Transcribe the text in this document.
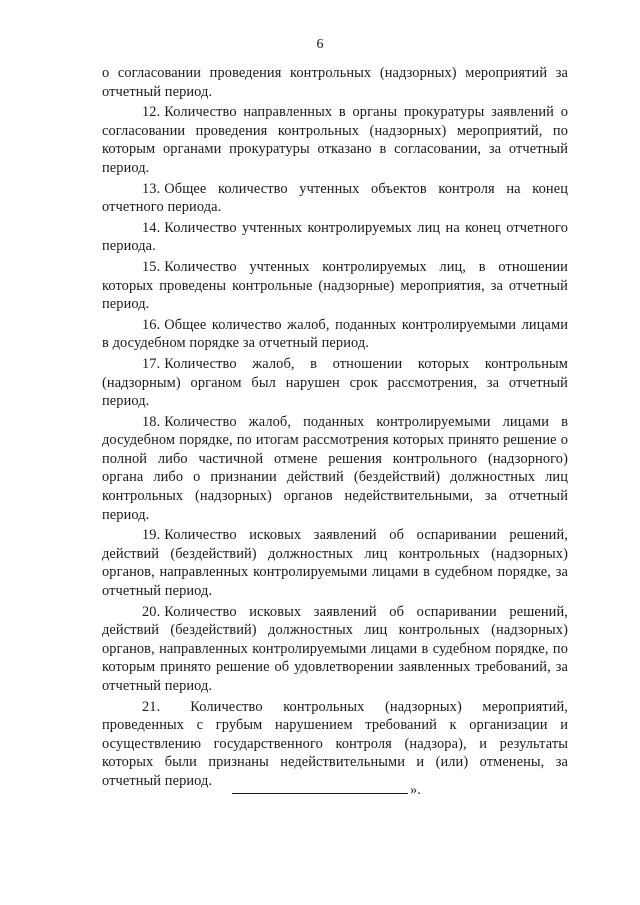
6

о согласовании проведения контрольных (надзорных) мероприятий за отчетный период.

12. Количество направленных в органы прокуратуры заявлений о согласовании проведения контрольных (надзорных) мероприятий, по которым органами прокуратуры отказано в согласовании, за отчетный период.

13. Общее количество учтенных объектов контроля на конец отчетного периода.

14. Количество учтенных контролируемых лиц на конец отчетного периода.

15. Количество учтенных контролируемых лиц, в отношении которых проведены контрольные (надзорные) мероприятия, за отчетный период.

16. Общее количество жалоб, поданных контролируемыми лицами в досудебном порядке за отчетный период.

17. Количество жалоб, в отношении которых контрольным (надзорным) органом был нарушен срок рассмотрения, за отчетный период.

18. Количество жалоб, поданных контролируемыми лицами в досудебном порядке, по итогам рассмотрения которых принято решение о полной либо частичной отмене решения контрольного (надзорного) органа либо о признании действий (бездействий) должностных лиц контрольных (надзорных) органов недействительными, за отчетный период.

19. Количество исковых заявлений об оспаривании решений, действий (бездействий) должностных лиц контрольных (надзорных) органов, направленных контролируемыми лицами в судебном порядке, за отчетный период.

20. Количество исковых заявлений об оспаривании решений, действий (бездействий) должностных лиц контрольных (надзорных) органов, направленных контролируемыми лицами в судебном порядке, по которым принято решение об удовлетворении заявленных требований, за отчетный период.

21. Количество контрольных (надзорных) мероприятий, проведенных с грубым нарушением требований к организации и осуществлению государственного контроля (надзора), и результаты которых были признаны недействительными и (или) отменены, за отчетный период.

».
